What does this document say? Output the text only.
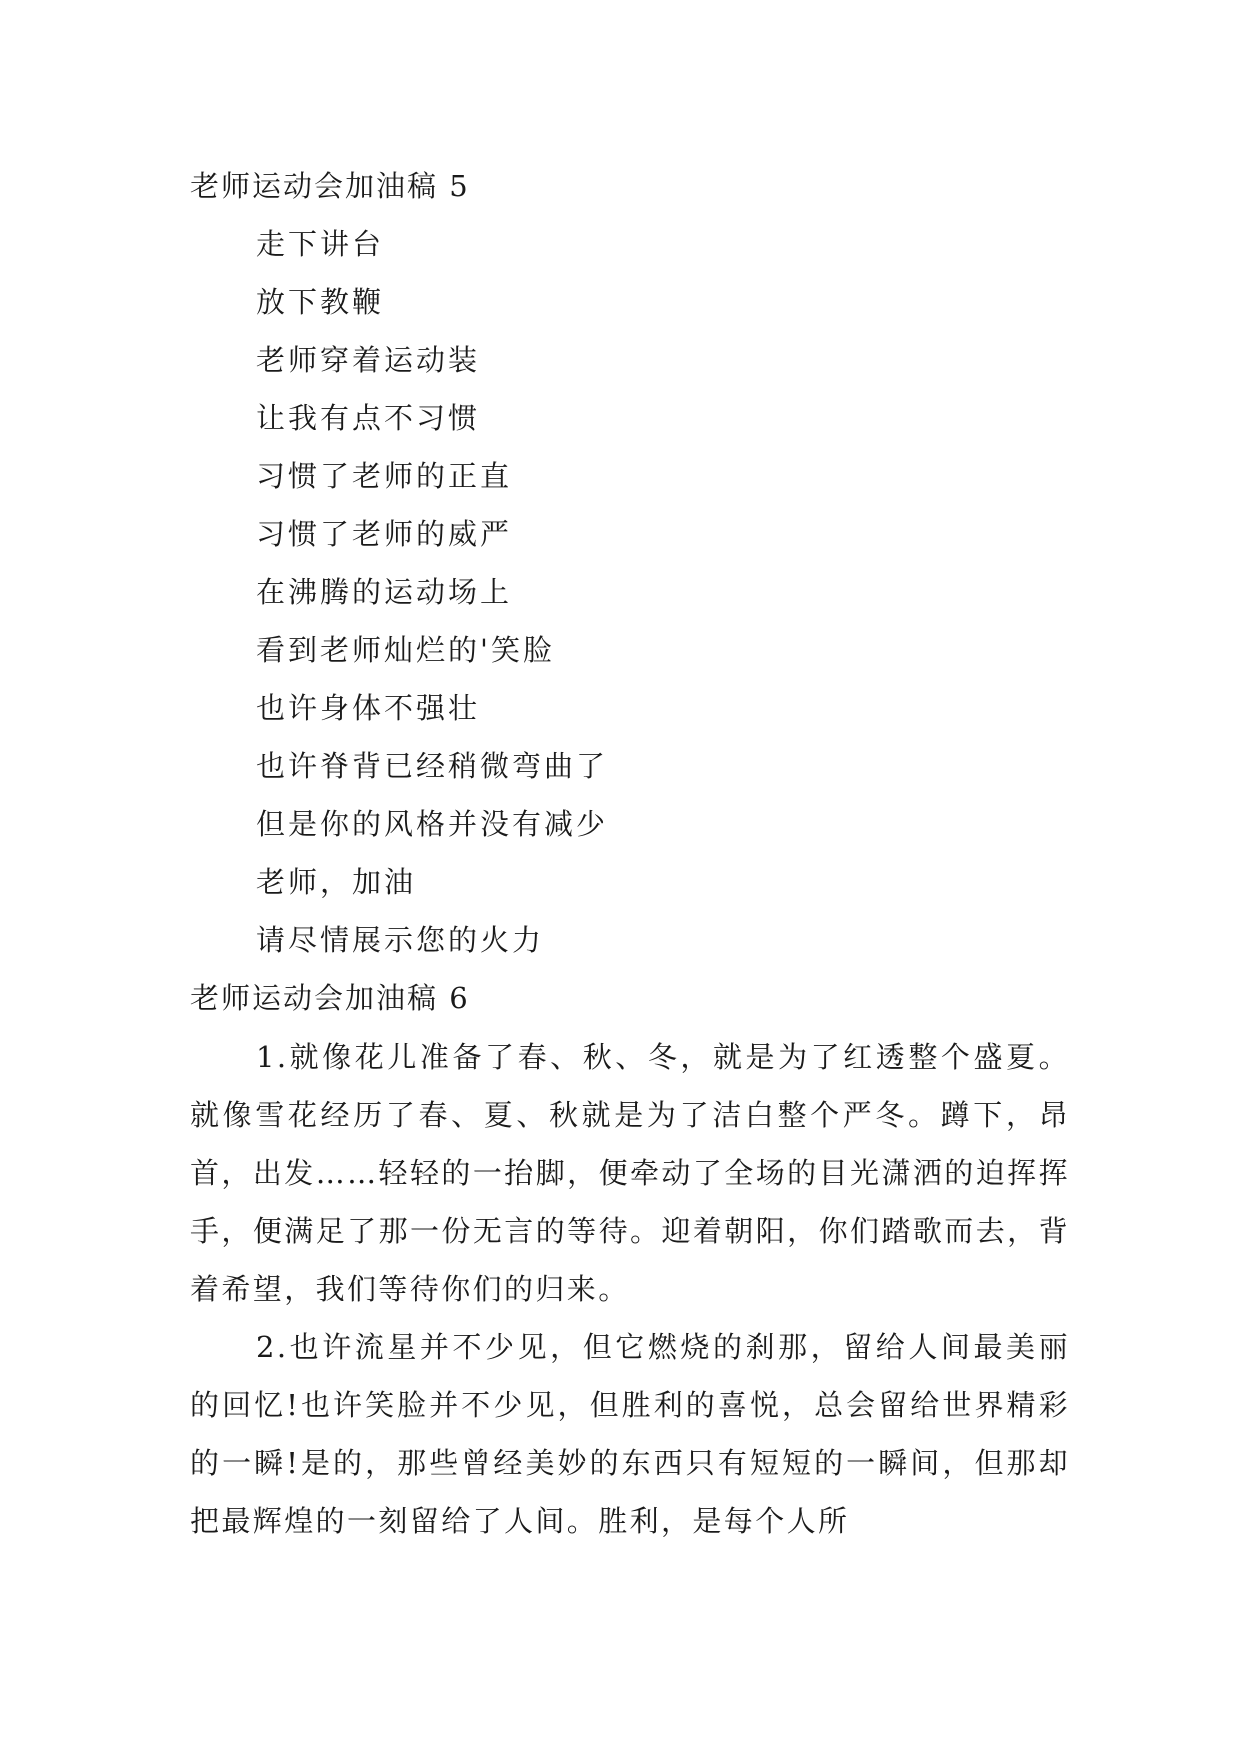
老师运动会加油稿 5
走下讲台
放下教鞭
老师穿着运动装
让我有点不习惯
习惯了老师的正直
习惯了老师的威严
在沸腾的运动场上
看到老师灿烂的'笑脸
也许身体不强壮
也许脊背已经稍微弯曲了
但是你的风格并没有减少
老师，加油
请尽情展示您的火力
老师运动会加油稿 6

1.就像花儿准备了春、秋、冬，就是为了红透整个盛夏。就像雪花经历了春、夏、秋就是为了洁白整个严冬。蹲下，昂首，出发……轻轻的一抬脚，便牵动了全场的目光潇洒的迫挥挥手，便满足了那一份无言的等待。迎着朝阳，你们踏歌而去，背着希望，我们等待你们的归来。

2.也许流星并不少见，但它燃烧的刹那，留给人间最美丽的回忆!也许笑脸并不少见，但胜利的喜悦，总会留给世界精彩的一瞬!是的，那些曾经美妙的东西只有短短的一瞬间，但那却把最辉煌的一刻留给了人间。胜利，是每个人所
